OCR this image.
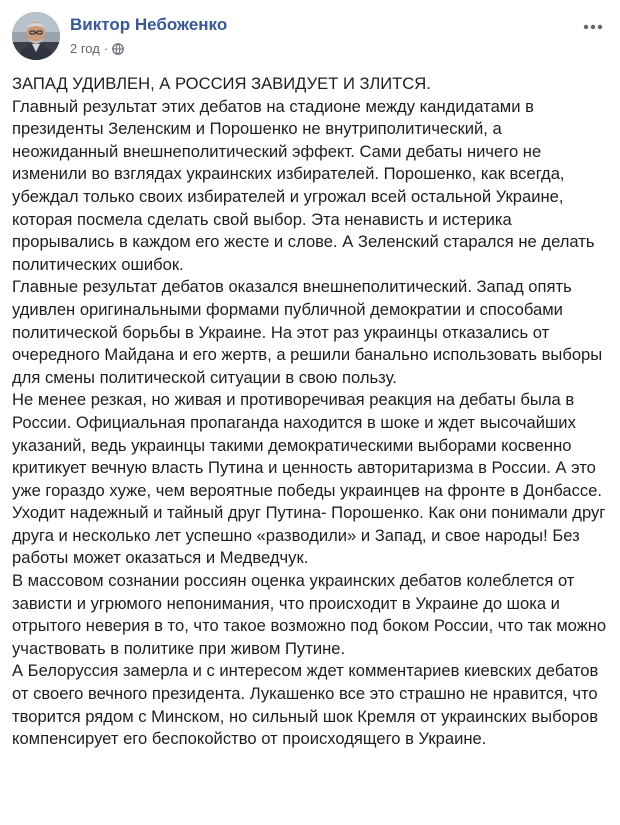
Виктор Небоженко
2 год ·

ЗАПАД УДИВЛЕН, А РОССИЯ ЗАВИДУЕТ И ЗЛИТСЯ.

Главный результат этих дебатов на стадионе между кандидатами в президенты Зеленским и Порошенко не внутриполитический, а неожиданный внешнеполитический эффект. Сами дебаты ничего не изменили во взглядах украинских избирателей. Порошенко, как всегда, убеждал только своих избирателей и угрожал всей остальной Украине, которая посмела сделать свой выбор. Эта ненависть и истерика прорывались в каждом его жесте и слове. А Зеленский старался не делать политических ошибок.

Главные результат дебатов оказался внешнеполитический. Запад опять удивлен оригинальными формами публичной демократии и способами политической борьбы в Украине. На этот раз украинцы отказались от очередного Майдана и его жертв, а решили банально использовать выборы для смены политической ситуации в свою пользу.

Не менее резкая, но живая и противоречивая реакция на дебаты была в России. Официальная пропаганда находится в шоке и ждет высочайших указаний, ведь украинцы такими демократическими выборами косвенно критикует вечную власть Путина и ценность авторитаризма в России. А это уже гораздо хуже, чем вероятные победы украинцев на фронте в Донбассе. Уходит надежный и тайный друг Путина- Порошенко. Как они понимали друг друга и несколько лет успешно «разводили» и Запад, и свое народы! Без работы может оказаться и Медведчук.

В массовом сознании россиян оценка украинских дебатов колеблется от зависти и угрюмого непонимания, что происходит в Украине до шока и отрытого неверия в то, что такое возможно под боком России, что так можно участвовать в политике при живом Путине.

А Белоруссия замерла и с интересом ждет комментариев киевских дебатов от своего вечного президента. Лукашенко все это страшно не нравится, что творится рядом с Минском, но сильный шок Кремля от украинских выборов компенсирует его беспокойство от происходящего в Украине.
